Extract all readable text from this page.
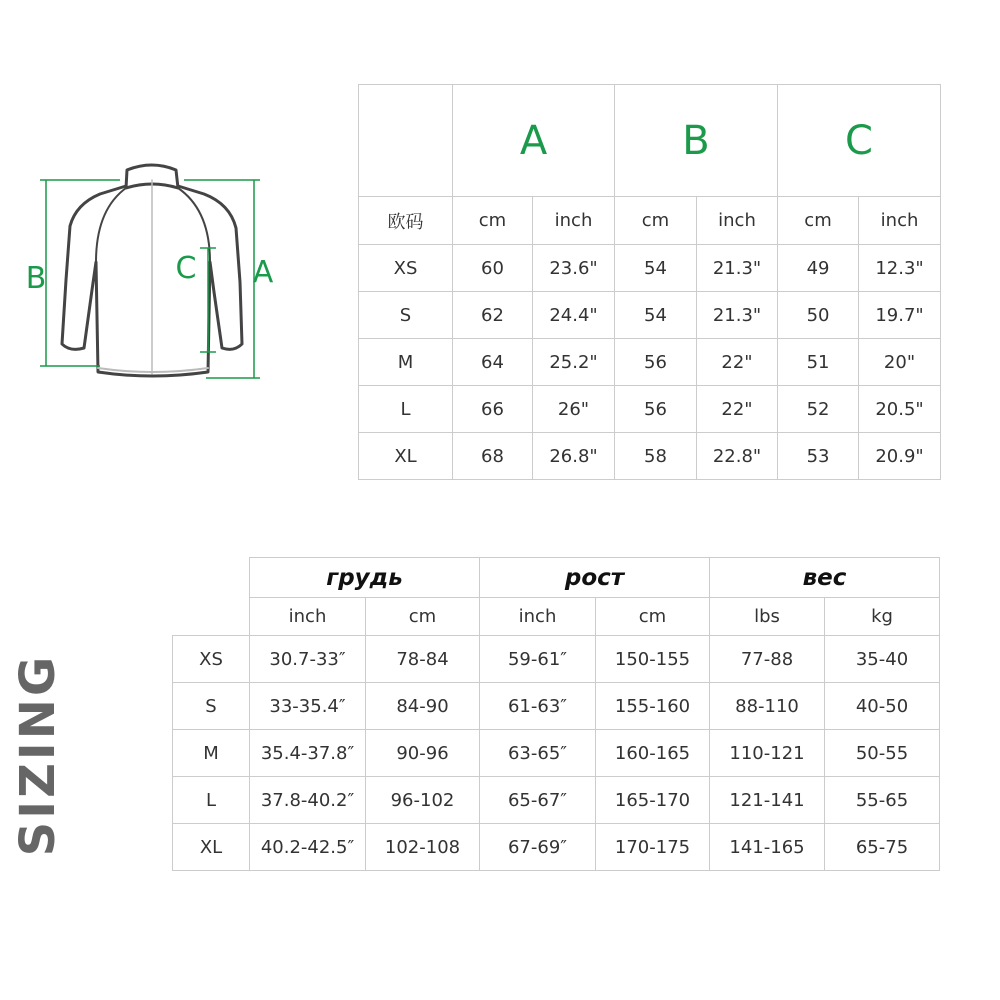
B	C A
	A		B		C	
欧码	cm	inch	cm	inch	cm	inch
XS	60	23.6"	54	21.3"	49	12.3"
S	62	24.4"	54	21.3"	50	19.7"
M	64	25.2"	56	22"	51	20"
L	66	26"	56	22"	52	20.5"
XL	68	26.8"	58	22.8"	53	20.9"
SIZING
	грудь		рост		вес	
	inch	cm	inch	cm	lbs	kg
XS	30.7-33″	78-84	59-61″	150-155	77-88	35-40
S	33-35.4″	84-90	61-63″	155-160	88-110	40-50
M	35.4-37.8″	90-96	63-65″	160-165	110-121	50-55
L	37.8-40.2″	96-102	65-67″	165-170	121-141	55-65
XL	40.2-42.5″	102-108	67-69″	170-175	141-165	65-75
